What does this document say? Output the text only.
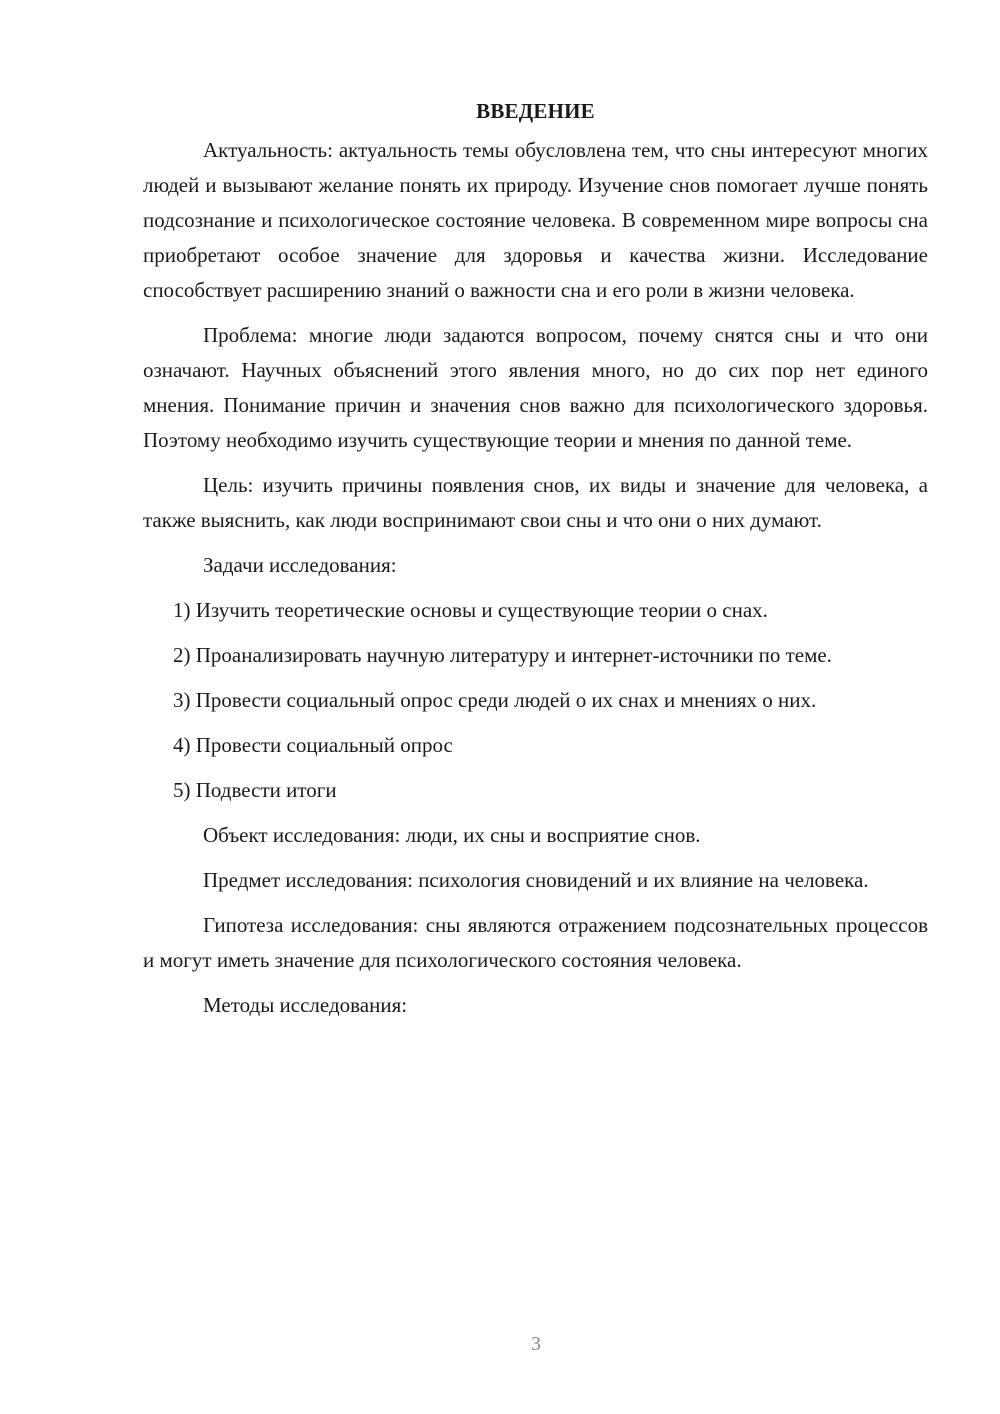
ВВЕДЕНИЕ

Актуальность: актуальность темы обусловлена тем, что сны интересуют многих людей и вызывают желание понять их природу. Изучение снов помогает лучше понять подсознание и психологическое состояние человека. В современном мире вопросы сна приобретают особое значение для здоровья и качества жизни. Исследование способствует расширению знаний о важности сна и его роли в жизни человека.

Проблема: многие люди задаются вопросом, почему снятся сны и что они означают. Научных объяснений этого явления много, но до сих пор нет единого мнения. Понимание причин и значения снов важно для психологического здоровья. Поэтому необходимо изучить существующие теории и мнения по данной теме.

Цель: изучить причины появления снов, их виды и значение для человека, а также выяснить, как люди воспринимают свои сны и что они о них думают.

Задачи исследования:

1) Изучить теоретические основы и существующие теории о снах.

2) Проанализировать научную литературу и интернет-источники по теме.

3) Провести социальный опрос среди людей о их снах и мнениях о них.

4) Провести социальный опрос

5) Подвести итоги

Объект исследования: люди, их сны и восприятие снов.

Предмет исследования: психология сновидений и их влияние на человека.

Гипотеза исследования: сны являются отражением подсознательных процессов и могут иметь значение для психологического состояния человека.

Методы исследования:

3
